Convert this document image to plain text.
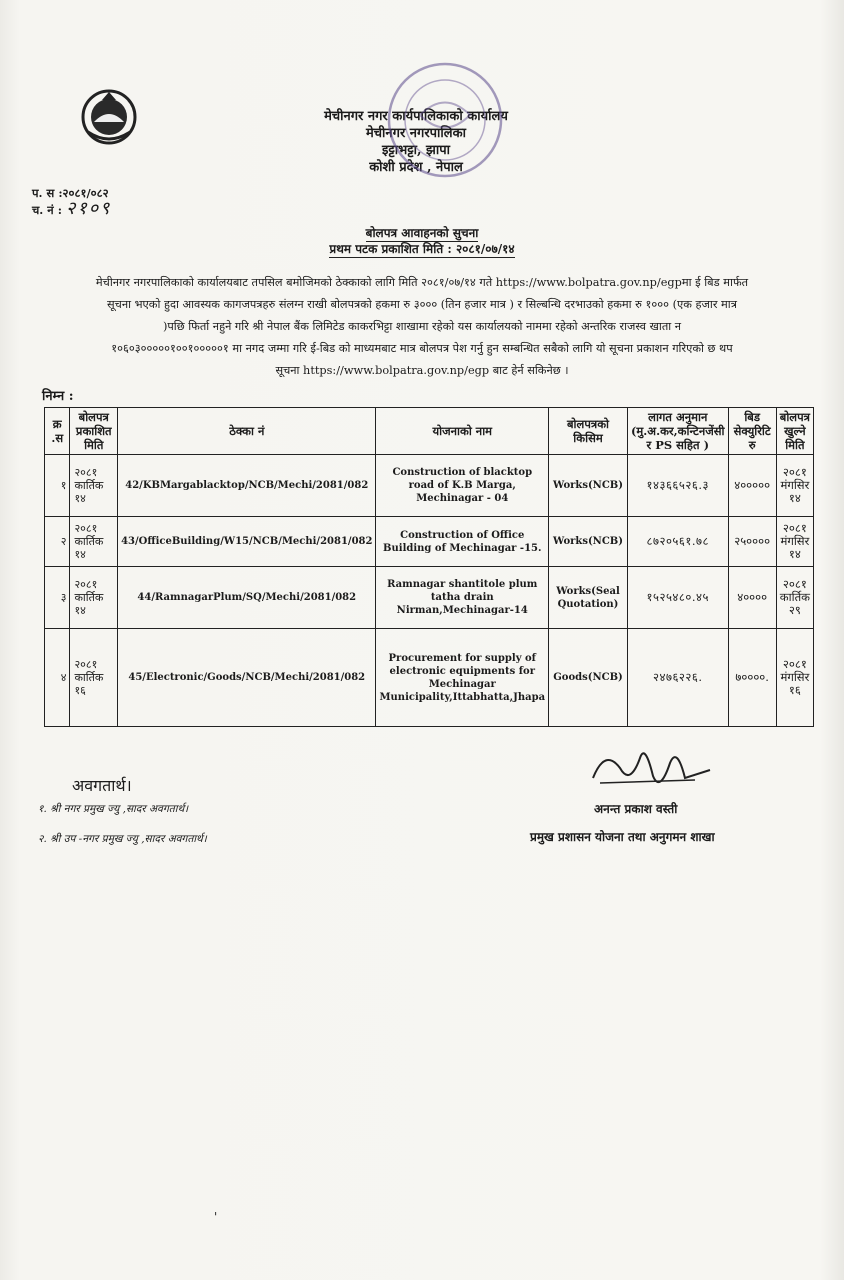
मेचीनगर नगर कार्यपालिकाको कार्यालय
मेचीनगर नगरपालिका
इट्टाभट्टा, झापा
कोशी प्रदेश , नेपाल
प. स :२०८१/०८२
च. नं : २१०९
बोलपत्र आवाहनको सुचना
प्रथम पटक प्रकाशित मिति : २०८१/०७/१४
मेचीनगर नगरपालिकाको कार्यालयबाट तपसिल बमोजिमको ठेक्काको लागि मिति २०८१/०७/१४ गते https://www.bolpatra.gov.np/egpमा ई बिड मार्फत
सूचना भएको हुदा आवस्यक कागजपत्रहरु संलग्न राखी बोलपत्रको हकमा रु ३००० (तिन हजार मात्र ) र सिल्बन्धि दरभाउको हकमा रु १००० (एक हजार मात्र
)पछि फिर्ता नहुने गरि श्री नेपाल बैंक लिमिटेड काकरभिट्टा शाखामा रहेको यस कार्यालयको नाममा रहेको अन्तरिक राजस्व खाता न
१०६०३०००००१००१०००००१ मा नगद जम्मा गरि ई-बिड को माध्यमबाट मात्र बोलपत्र पेश गर्नु हुन सम्बन्धित सबैको लागि यो सूचना प्रकाशन गरिएको छ थप
सूचना https://www.bolpatra.gov.np/egp बाट हेर्न सकिनेछ ।
निम्न :
क्र .स	बोलपत्र प्रकाशित मिति	ठेक्का नं	योजनाको नाम	बोलपत्रको किसिम	लागत अनुमान (मु.अ.कर,कन्टिनजेंसी र PS सहित )	बिड सेक्युरिटि रु	बोलपत्र खुल्ने मिति
१	२०८१ कार्तिक १४	42/KBMargablacktop/NCB/Mechi/2081/082	Construction of blacktop road of K.B Marga, Mechinagar - 04	Works(NCB)	१४३६६५२६.३	४०००००	२०८१ मंगसिर १४
२	२०८१ कार्तिक १४	43/OfficeBuilding/W15/NCB/Mechi/2081/082	Construction of Office Building of Mechinagar -15.	Works(NCB)	८७२०५६१.७८	२५००००	२०८१ मंगसिर १४
३	२०८१ कार्तिक १४	44/RamnagarPlum/SQ/Mechi/2081/082	Ramnagar shantitole plum tatha drain Nirman,Mechinagar-14	Works(Seal Quotation)	१५२५४८०.४५	४००००	२०८१ कार्तिक २९
४	२०८१ कार्तिक १६	45/Electronic/Goods/NCB/Mechi/2081/082	Procurement for supply of electronic equipments for Mechinagar Municipality,Ittabhatta,Jhapa	Goods(NCB)	२४७६२२६.	७००००.	२०८१ मंगसिर १६
अवगतार्थ।
१. श्री नगर प्रमुख ज्यु ,सादर अवगतार्थ।
२. श्री उप -नगर प्रमुख ज्यु ,सादर अवगतार्थ।
अनन्त प्रकाश वस्ती
प्रमुख प्रशासन योजना तथा अनुगमन शाखा
'
